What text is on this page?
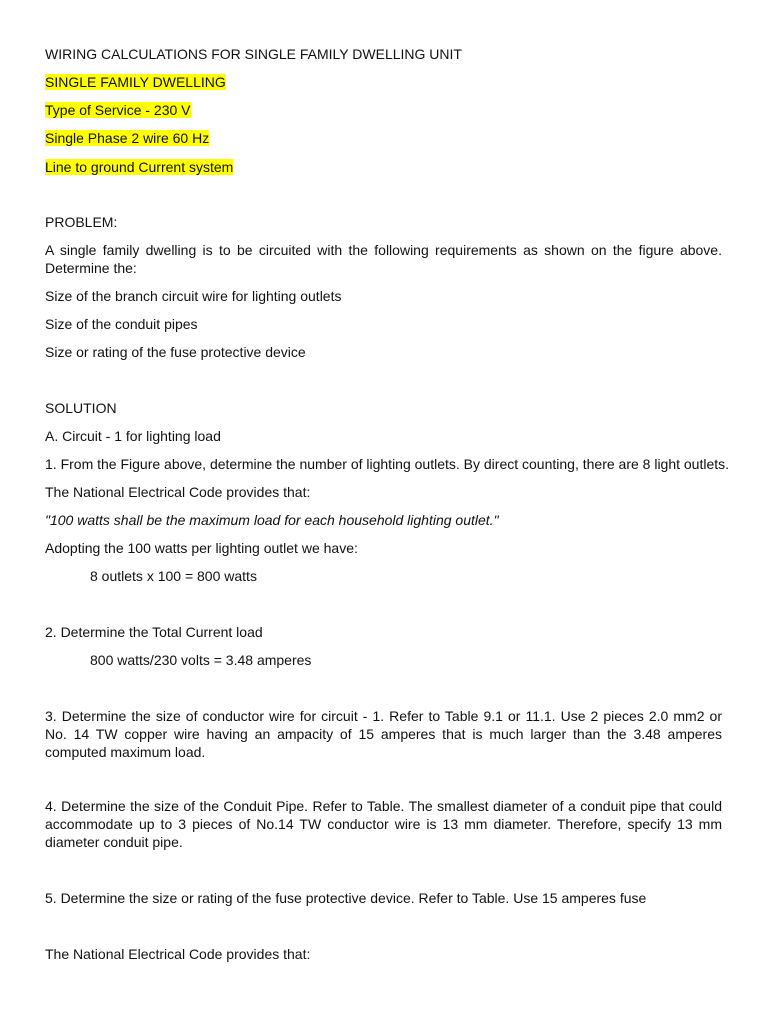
WIRING CALCULATIONS FOR SINGLE FAMILY DWELLING UNIT
SINGLE FAMILY DWELLING
Type of Service - 230 V
Single Phase 2 wire 60 Hz
Line to ground Current system
PROBLEM:
A single family dwelling is to be circuited with the following requirements as shown on the figure above. Determine the:
Size of the branch circuit wire for lighting outlets
Size of the conduit pipes
Size or rating of the fuse protective device
SOLUTION
A. Circuit - 1 for lighting load
1. From the Figure above, determine the number of lighting outlets. By direct counting, there are 8 light outlets.
The National Electrical Code provides that:
"100 watts shall be the maximum load for each household lighting outlet."
Adopting the 100 watts per lighting outlet we have:
8 outlets x 100 = 800 watts
2. Determine the Total Current load
800 watts/230 volts = 3.48 amperes
3. Determine the size of conductor wire for circuit - 1. Refer to Table 9.1 or 11.1. Use 2 pieces 2.0 mm2 or No. 14 TW copper wire having an ampacity of 15 amperes that is much larger than the 3.48 amperes computed maximum load.
4. Determine the size of the Conduit Pipe. Refer to Table. The smallest diameter of a conduit pipe that could accommodate up to 3 pieces of No.14 TW conductor wire is 13 mm diameter. Therefore, specify 13 mm diameter conduit pipe.
5. Determine the size or rating of the fuse protective device. Refer to Table. Use 15 amperes fuse
The National Electrical Code provides that:
